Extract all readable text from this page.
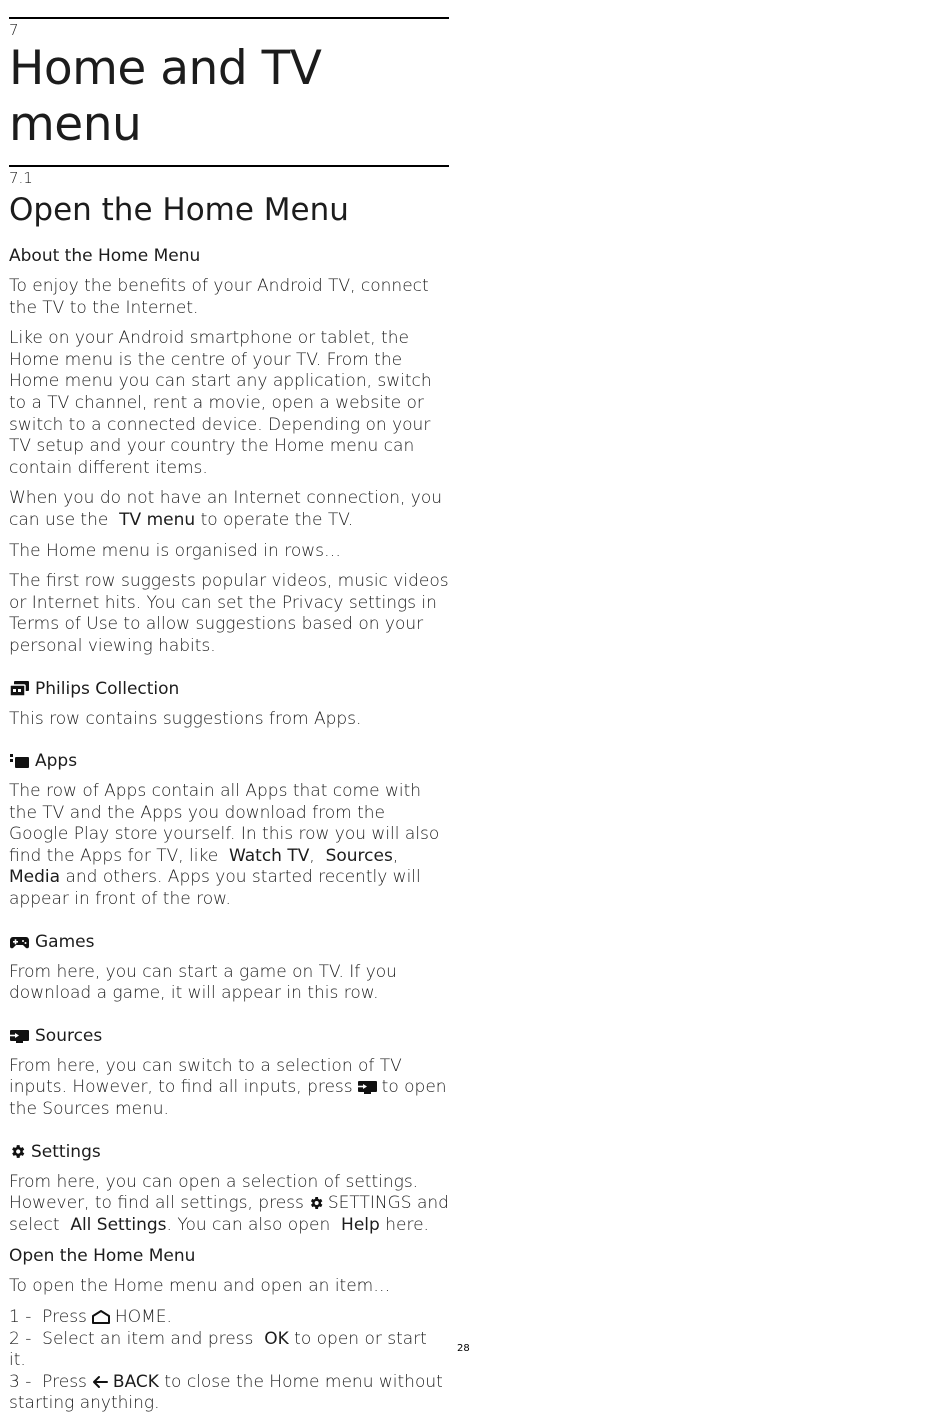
7
Home and TV menu
7.1
Open the Home Menu
About the Home Menu

To enjoy the benefits of your Android TV, connect the TV to the Internet.

Like on your Android smartphone or tablet, the Home menu is the centre of your TV. From the Home menu you can start any application, switch to a TV channel, rent a movie, open a website or switch to a connected device. Depending on your TV setup and your country the Home menu can contain different items.

When you do not have an Internet connection, you can use the TV menu to operate the TV.

The Home menu is organised in rows…

The first row suggests popular videos, music videos or Internet hits. You can set the Privacy settings in Terms of Use to allow suggestions based on your personal viewing habits.

Philips Collection

This row contains suggestions from Apps.

Apps

The row of Apps contain all Apps that come with the TV and the Apps you download from the Google Play store yourself. In this row you will also find the Apps for TV, like Watch TV,  Sources,  Media and others. Apps you started recently will appear in front of the row.

Games

From here, you can start a game on TV. If you download a game, it will appear in this row.

Sources

From here, you can switch to a selection of TV inputs. However, to find all inputs, press to open the Sources menu.

Settings

From here, you can open a selection of settings. However, to find all settings, press SETTINGS and select All Settings. You can also open Help here.

Open the Home Menu

To open the Home menu and open an item…

1 - Press HOME.

2 - Select an item and press OK to open or start it.

3 - Press BACK to close the Home menu without starting anything.

28
